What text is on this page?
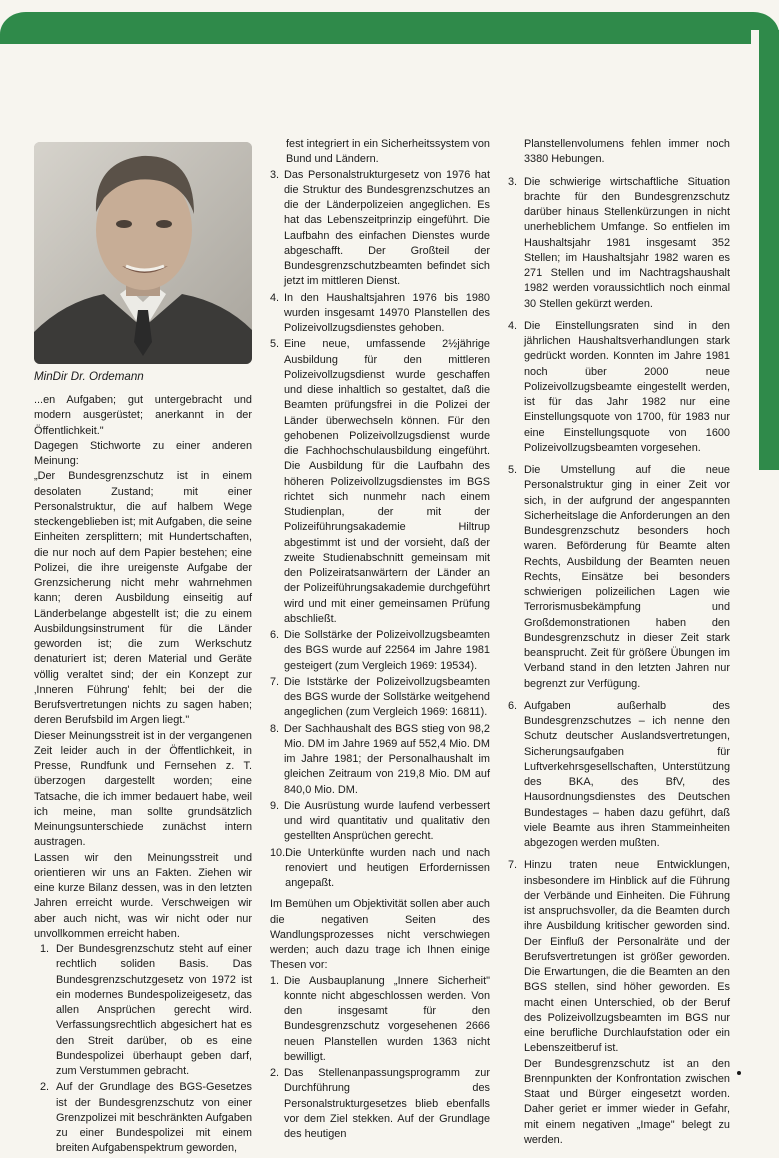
MinDir Dr. Ordemann

...en Aufgaben; gut untergebracht und modern ausgerüstet; anerkannt in der Öffentlichkeit."

Dagegen Stichworte zu einer anderen Meinung:

„Der Bundesgrenzschutz ist in einem desolaten Zustand; mit einer Personalstruktur, die auf halbem Wege steckengeblieben ist; mit Aufgaben, die seine Einheiten zersplittern; mit Hundertschaften, die nur noch auf dem Papier bestehen; eine Polizei, die ihre ureigenste Aufgabe der Grenzsicherung nicht mehr wahrnehmen kann; deren Ausbildung einseitig auf Länderbelange abgestellt ist; die zu einem Ausbildungsinstrument für die Länder geworden ist; die zum Werkschutz denaturiert ist; deren Material und Geräte völlig veraltet sind; der ein Konzept zur ‚Inneren Führung' fehlt; bei der die Berufsvertretungen nichts zu sagen haben; deren Berufsbild im Argen liegt."

Dieser Meinungsstreit ist in der vergangenen Zeit leider auch in der Öffentlichkeit, in Presse, Rundfunk und Fernsehen z. T. überzogen dargestellt worden; eine Tatsache, die ich immer bedauert habe, weil ich meine, man sollte grundsätzlich Meinungsunterschiede zunächst intern austragen.

Lassen wir den Meinungsstreit und orientieren wir uns an Fakten. Ziehen wir eine kurze Bilanz dessen, was in den letzten Jahren erreicht wurde. Verschweigen wir aber auch nicht, was wir nicht oder nur unvollkommen erreicht haben.

1. Der Bundesgrenzschutz steht auf einer rechtlich soliden Basis. Das Bundesgrenzschutzgesetz von 1972 ist ein modernes Bundespolizeigesetz, das allen Ansprüchen gerecht wird. Verfassungsrechtlich abgesichert hat es den Streit darüber, ob es eine Bundespolizei überhaupt geben darf, zum Verstummen gebracht.
2. Auf der Grundlage des BGS-Gesetzes ist der Bundesgrenzschutz von einer Grenzpolizei mit beschränkten Aufgaben zu einer Bundespolizei mit einem breiten Aufgabenspektrum geworden,

fest integriert in ein Sicherheitssystem von Bund und Ländern.

3. Das Personalstrukturgesetz von 1976 hat die Struktur des Bundesgrenzschutzes an die der Länderpolizeien angeglichen. Es hat das Lebenszeitprinzip eingeführt. Die Laufbahn des einfachen Dienstes wurde abgeschafft. Der Großteil der Bundesgrenzschutzbeamten befindet sich jetzt im mittleren Dienst.
4. In den Haushaltsjahren 1976 bis 1980 wurden insgesamt 14970 Planstellen des Polizeivollzugsdienstes gehoben.
5. Eine neue, umfassende 2½jährige Ausbildung für den mittleren Polizeivollzugsdienst wurde geschaffen und diese inhaltlich so gestaltet, daß die Beamten prüfungsfrei in die Polizei der Länder überwechseln können. Für den gehobenen Polizeivollzugsdienst wurde die Fachhochschulausbildung eingeführt. Die Ausbildung für die Laufbahn des höheren Polizeivollzugsdienstes im BGS richtet sich nunmehr nach einem Studienplan, der mit der Polizeiführungsakademie Hiltrup abgestimmt ist und der vorsieht, daß der zweite Studienabschnitt gemeinsam mit den Polizeiratsanwärtern der Länder an der Polizeiführungsakademie durchgeführt wird und mit einer gemeinsamen Prüfung abschließt.
6. Die Sollstärke der Polizeivollzugsbeamten des BGS wurde auf 22564 im Jahre 1981 gesteigert (zum Vergleich 1969: 19534).
7. Die Iststärke der Polizeivollzugsbeamten des BGS wurde der Sollstärke weitgehend angeglichen (zum Vergleich 1969: 16811).
8. Der Sachhaushalt des BGS stieg von 98,2 Mio. DM im Jahre 1969 auf 552,4 Mio. DM im Jahre 1981; der Personalhaushalt im gleichen Zeitraum von 219,8 Mio. DM auf 840,0 Mio. DM.
9. Die Ausrüstung wurde laufend verbessert und wird quantitativ und qualitativ den gestellten Ansprüchen gerecht.
10. Die Unterkünfte wurden nach und nach renoviert und heutigen Erfordernissen angepaßt.

Im Bemühen um Objektivität sollen aber auch die negativen Seiten des Wandlungsprozesses nicht verschwiegen werden; auch dazu trage ich Ihnen einige Thesen vor:

1. Die Ausbauplanung „Innere Sicherheit" konnte nicht abgeschlossen werden. Von den insgesamt für den Bundesgrenzschutz vorgesehenen 2666 neuen Planstellen wurden 1363 nicht bewilligt.
2. Das Stellenanpassungsprogramm zur Durchführung des Personalstrukturgesetzes blieb ebenfalls vor dem Ziel stekken. Auf der Grundlage des heutigen

Planstellenvolumens fehlen immer noch 3380 Hebungen.

3. Die schwierige wirtschaftliche Situation brachte für den Bundesgrenzschutz darüber hinaus Stellenkürzungen in nicht unerheblichem Umfange. So entfielen im Haushaltsjahr 1981 insgesamt 352 Stellen; im Haushaltsjahr 1982 waren es 271 Stellen und im Nachtragshaushalt 1982 werden voraussichtlich noch einmal 30 Stellen gekürzt werden.
4. Die Einstellungsraten sind in den jährlichen Haushaltsverhandlungen stark gedrückt worden. Konnten im Jahre 1981 noch über 2000 neue Polizeivollzugsbeamte eingestellt werden, ist für das Jahr 1982 nur eine Einstellungsquote von 1700, für 1983 nur eine Einstellungsquote von 1600 Polizeivollzugsbeamten vorgesehen.
5. Die Umstellung auf die neue Personalstruktur ging in einer Zeit vor sich, in der aufgrund der angespannten Sicherheitslage die Anforderungen an den Bundesgrenzschutz besonders hoch waren. Beförderung für Beamte alten Rechts, Ausbildung der Beamten neuen Rechts, Einsätze bei besonders schwierigen polizeilichen Lagen wie Terrorismusbekämpfung und Großdemonstrationen haben den Bundesgrenzschutz in dieser Zeit stark beansprucht. Zeit für größere Übungen im Verband stand in den letzten Jahren nur begrenzt zur Verfügung.
6. Aufgaben außerhalb des Bundesgrenzschutzes – ich nenne den Schutz deutscher Auslandsvertretungen, Sicherungsaufgaben für Luftverkehrsgesellschaften, Unterstützung des BKA, des BfV, des Hausordnungsdienstes des Deutschen Bundestages – haben dazu geführt, daß viele Beamte aus ihren Stammeinheiten abgezogen werden mußten.
7. Hinzu traten neue Entwicklungen, insbesondere im Hinblick auf die Führung der Verbände und Einheiten. Die Führung ist anspruchsvoller, da die Beamten durch ihre Ausbildung kritischer geworden sind. Der Einfluß der Personalräte und der Berufsvertretungen ist größer geworden. Die Erwartungen, die die Beamten an den BGS stellen, sind höher geworden. Es macht einen Unterschied, ob der Beruf des Polizeivollzugsbeamten im BGS nur eine berufliche Durchlaufstation oder ein Lebenszeitberuf ist.

Der Bundesgrenzschutz ist an den Brennpunkten der Konfrontation zwischen Staat und Bürger eingesetzt worden. Daher geriet er immer wieder in Gefahr, mit einem negativen „Image" belegt zu werden.
